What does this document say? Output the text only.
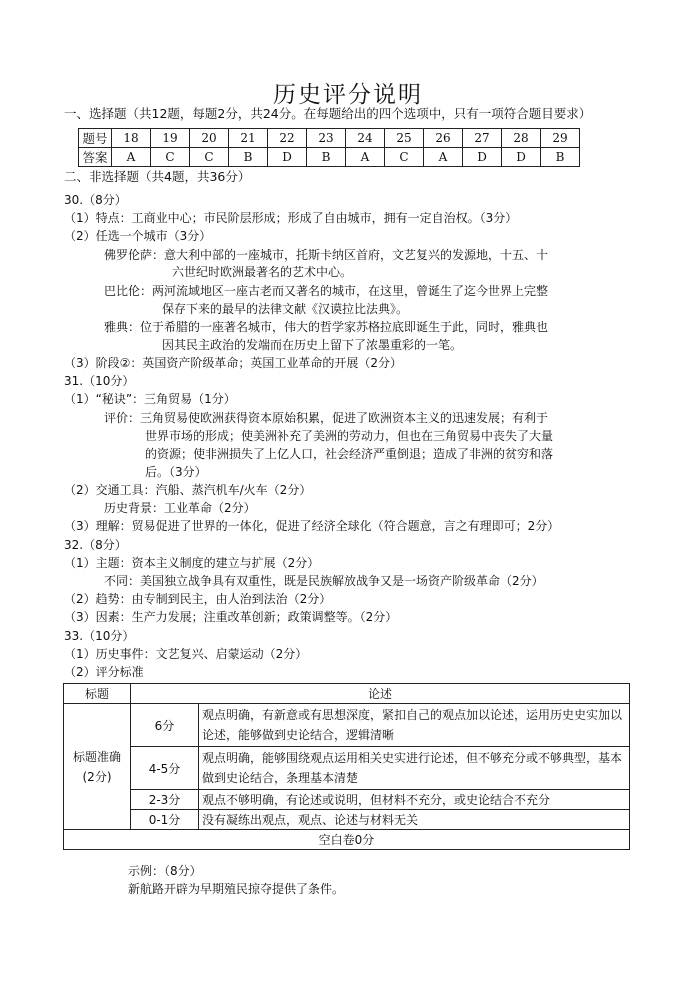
历史评分说明
一、选择题（共12题，每题2分，共24分。在每题给出的四个选项中，只有一项符合题目要求）
题号	18	19	20	21	22	23	24	25	26	27	28	29
答案	A	C	C	B	D	B	A	C	A	D	D	B
二、非选择题（共4题，共36分）
30.（8分）
（1）特点：工商业中心；市民阶层形成；形成了自由城市，拥有一定自治权。（3分）
（2）任选一个城市（3分）
佛罗伦萨：意大利中部的一座城市，托斯卡纳区首府，文艺复兴的发源地，十五、十
六世纪时欧洲最著名的艺术中心。
巴比伦：两河流域地区一座古老而又著名的城市，在这里，曾诞生了迄今世界上完整
保存下来的最早的法律文献《汉谟拉比法典》。
雅典：位于希腊的一座著名城市，伟大的哲学家苏格拉底即诞生于此，同时，雅典也
因其民主政治的发端而在历史上留下了浓墨重彩的一笔。
（3）阶段②：英国资产阶级革命；英国工业革命的开展（2分）
31.（10分）
（1）“秘诀”：三角贸易（1分）
评价：三角贸易使欧洲获得资本原始积累，促进了欧洲资本主义的迅速发展；有利于
世界市场的形成；使美洲补充了美洲的劳动力，但也在三角贸易中丧失了大量
的资源；使非洲损失了上亿人口，社会经济严重倒退；造成了非洲的贫穷和落
后。（3分）
（2）交通工具：汽船、蒸汽机车/火车（2分）
历史背景：工业革命（2分）
（3）理解：贸易促进了世界的一体化，促进了经济全球化（符合题意，言之有理即可；2分）
32.（8分）
（1）主题：资本主义制度的建立与扩展（2分）
不同：美国独立战争具有双重性，既是民族解放战争又是一场资产阶级革命（2分）
（2）趋势：由专制到民主，由人治到法治（2分）
（3）因素：生产力发展；注重改革创新；政策调整等。（2分）
33.（10分）
（1）历史事件：文艺复兴、启蒙运动（2分）
（2）评分标准
标题	论述	
标题准确(2分)	6分	观点明确，有新意或有思想深度，紧扣自己的观点加以论述，运用历史史实加以论述，能够做到史论结合，逻辑清晰
	4-5分	观点明确，能够围绕观点运用相关史实进行论述，但不够充分或不够典型，基本做到史论结合，条理基本清楚
	2-3分	观点不够明确，有论述或说明，但材料不充分，或史论结合不充分
	0-1分	没有凝练出观点，观点、论述与材料无关
空白卷0分		
示例：（8分）
新航路开辟为早期殖民掠夺提供了条件。
